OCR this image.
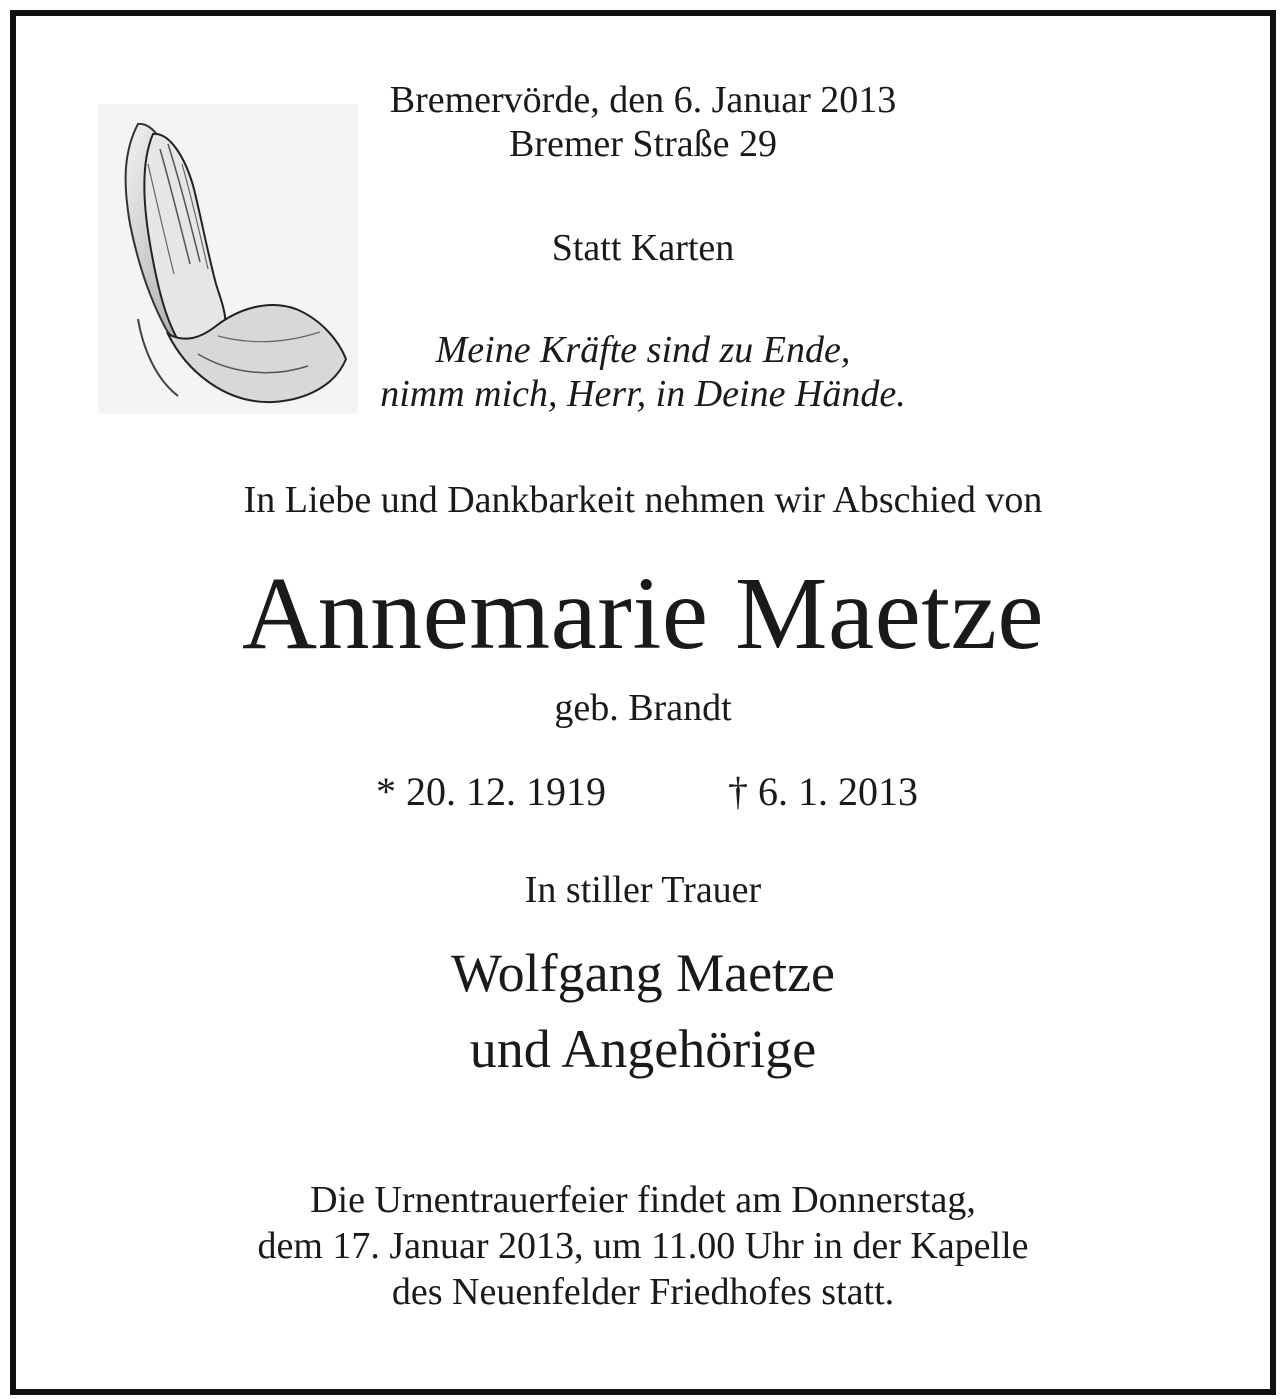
Bremervörde, den 6. Januar 2013
Bremer Straße 29
Statt Karten
Meine Kräfte sind zu Ende,
nimm mich, Herr, in Deine Hände.
In Liebe und Dankbarkeit nehmen wir Abschied von
Annemarie Maetze
geb. Brandt
* 20. 12. 1919	† 6. 1. 2013
In stiller Trauer
Wolfgang Maetze
und Angehörige
Die Urnentrauerfeier findet am Donnerstag,
dem 17. Januar 2013, um 11.00 Uhr in der Kapelle
des Neuenfelder Friedhofes statt.
